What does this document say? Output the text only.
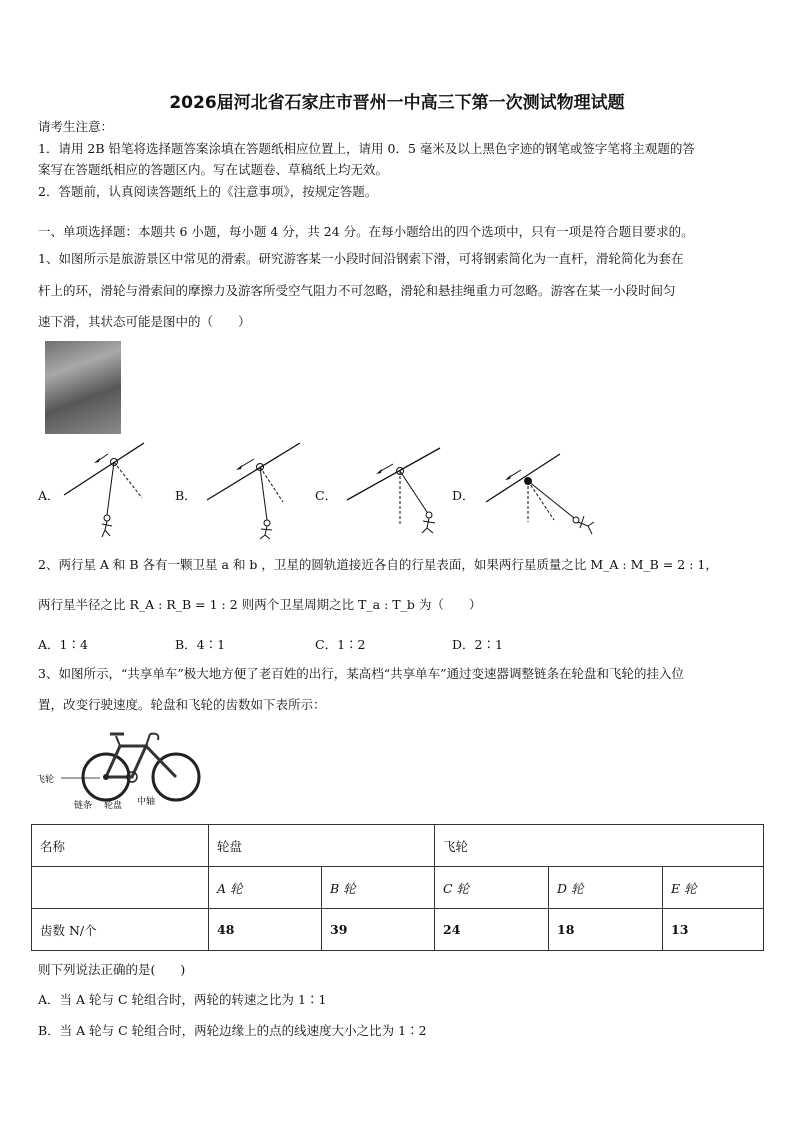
2026届河北省石家庄市晋州一中高三下第一次测试物理试题
请考生注意：
1．请用 2B 铅笔将选择题答案涂填在答题纸相应位置上，请用 0．5 毫米及以上黑色字迹的钢笔或签字笔将主观题的答
案写在答题纸相应的答题区内。写在试题卷、草稿纸上均无效。
2．答题前，认真阅读答题纸上的《注意事项》，按规定答题。
一、单项选择题：本题共 6 小题，每小题 4 分，共 24 分。在每小题给出的四个选项中，只有一项是符合题目要求的。
1、如图所示是旅游景区中常见的滑索。研究游客某一小段时间沿钢索下滑，可将钢索简化为一直杆，滑轮简化为套在
杆上的环，滑轮与滑索间的摩擦力及游客所受空气阻力不可忽略，滑轮和悬挂绳重力可忽略。游客在某一小段时间匀
速下滑，其状态可能是图中的（　　）
A．	B．	C．	D．
2、两行星 A 和 B 各有一颗卫星 a 和 b ，卫星的圆轨道接近各自的行星表面，如果两行星质量之比 M_A : M_B = 2 : 1，
两行星半径之比 R_A : R_B = 1 : 2 则两个卫星周期之比 T_a : T_b 为（　　）
A．1∶4	B．4∶1	C．1∶2	D．2∶1
3、如图所示，“共享单车”极大地方便了老百姓的出行，某高档“共享单车”通过变速器调整链条在轮盘和飞轮的挂入位
置，改变行驶速度。轮盘和飞轮的齿数如下表所示：
飞轮
链条 轮盘 中轴
名称	轮盘		飞轮		
	A 轮	B 轮	C 轮	D 轮	E 轮
齿数 N/个	48	39	24	18	13
则下列说法正确的是(　　)
A．当 A 轮与 C 轮组合时，两轮的转速之比为 1∶1
B．当 A 轮与 C 轮组合时，两轮边缘上的点的线速度大小之比为 1∶2
